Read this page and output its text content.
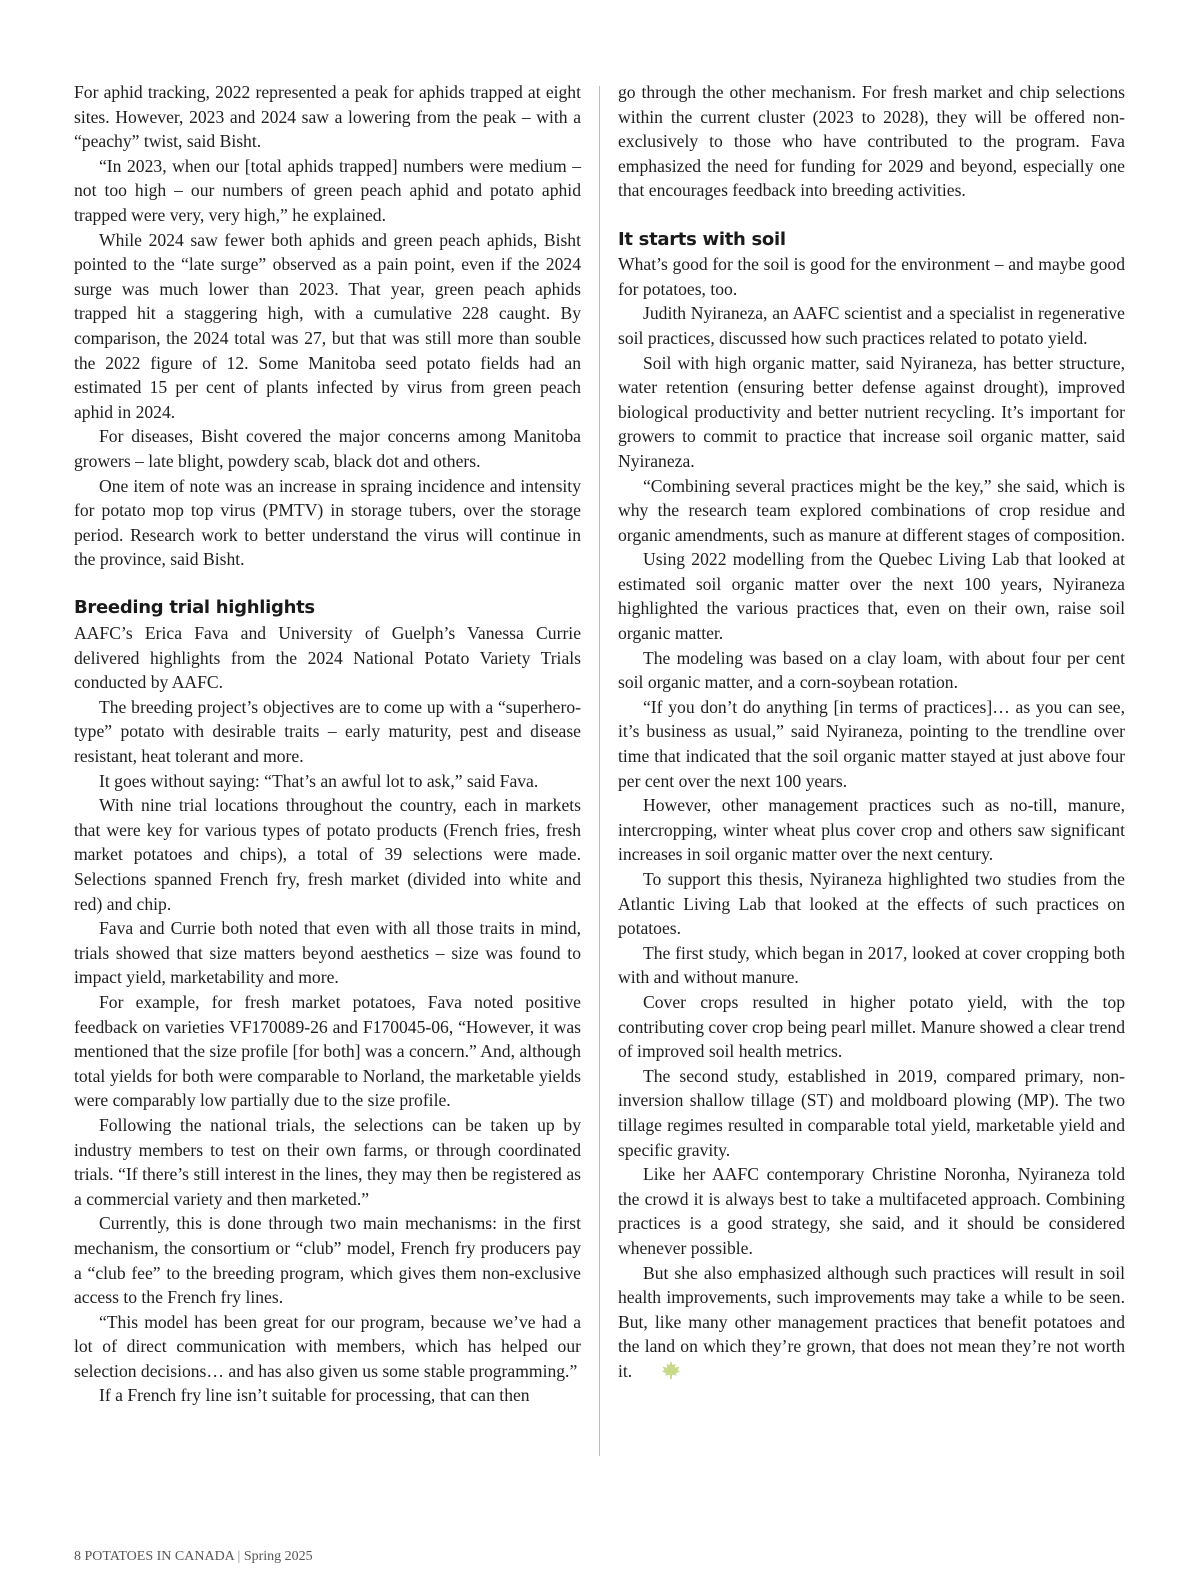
For aphid tracking, 2022 represented a peak for aphids trapped at eight sites. However, 2023 and 2024 saw a lowering from the peak – with a “peachy” twist, said Bisht.

“In 2023, when our [total aphids trapped] numbers were medium – not too high – our numbers of green peach aphid and potato aphid trapped were very, very high,” he explained.

While 2024 saw fewer both aphids and green peach aphids, Bisht pointed to the “late surge” observed as a pain point, even if the 2024 surge was much lower than 2023. That year, green peach aphids trapped hit a staggering high, with a cumulative 228 caught. By comparison, the 2024 total was 27, but that was still more than souble the 2022 figure of 12. Some Manitoba seed potato fields had an estimated 15 per cent of plants infected by virus from green peach aphid in 2024.

For diseases, Bisht covered the major concerns among Manitoba growers – late blight, powdery scab, black dot and others.

One item of note was an increase in spraing incidence and intensity for potato mop top virus (PMTV) in storage tubers, over the storage period. Research work to better understand the virus will continue in the province, said Bisht.

Breeding trial highlights

AAFC’s Erica Fava and University of Guelph’s Vanessa Currie delivered highlights from the 2024 National Potato Variety Trials conducted by AAFC.

The breeding project’s objectives are to come up with a “superhero-type” potato with desirable traits – early maturity, pest and disease resistant, heat tolerant and more.

It goes without saying: “That’s an awful lot to ask,” said Fava.

With nine trial locations throughout the country, each in markets that were key for various types of potato products (French fries, fresh market potatoes and chips), a total of 39 selections were made. Selections spanned French fry, fresh market (divided into white and red) and chip.

Fava and Currie both noted that even with all those traits in mind, trials showed that size matters beyond aesthetics – size was found to impact yield, marketability and more.

For example, for fresh market potatoes, Fava noted positive feedback on varieties VF170089-26 and F170045-06, “However, it was mentioned that the size profile [for both] was a concern.” And, although total yields for both were comparable to Norland, the marketable yields were comparably low partially due to the size profile.

Following the national trials, the selections can be taken up by industry members to test on their own farms, or through coordinated trials. “If there’s still interest in the lines, they may then be registered as a commercial variety and then marketed.”

Currently, this is done through two main mechanisms: in the first mechanism, the consortium or “club” model, French fry producers pay a “club fee” to the breeding program, which gives them non-exclusive access to the French fry lines.

“This model has been great for our program, because we’ve had a lot of direct communication with members, which has helped our selection decisions… and has also given us some stable programming.”

If a French fry line isn’t suitable for processing, that can then

go through the other mechanism. For fresh market and chip selections within the current cluster (2023 to 2028), they will be offered non-exclusively to those who have contributed to the program. Fava emphasized the need for funding for 2029 and beyond, especially one that encourages feedback into breeding activities.

It starts with soil

What’s good for the soil is good for the environment – and maybe good for potatoes, too.

Judith Nyiraneza, an AAFC scientist and a specialist in regenerative soil practices, discussed how such practices related to potato yield.

Soil with high organic matter, said Nyiraneza, has better structure, water retention (ensuring better defense against drought), improved biological productivity and better nutrient recycling. It’s important for growers to commit to practice that increase soil organic matter, said Nyiraneza.

“Combining several practices might be the key,” she said, which is why the research team explored combinations of crop residue and organic amendments, such as manure at different stages of composition.

Using 2022 modelling from the Quebec Living Lab that looked at estimated soil organic matter over the next 100 years, Nyiraneza highlighted the various practices that, even on their own, raise soil organic matter.

The modeling was based on a clay loam, with about four per cent soil organic matter, and a corn-soybean rotation.

“If you don’t do anything [in terms of practices]… as you can see, it’s business as usual,” said Nyiraneza, pointing to the trendline over time that indicated that the soil organic matter stayed at just above four per cent over the next 100 years.

However, other management practices such as no-till, manure, intercropping, winter wheat plus cover crop and others saw significant increases in soil organic matter over the next century.

To support this thesis, Nyiraneza highlighted two studies from the Atlantic Living Lab that looked at the effects of such practices on potatoes.

The first study, which began in 2017, looked at cover cropping both with and without manure.

Cover crops resulted in higher potato yield, with the top contributing cover crop being pearl millet. Manure showed a clear trend of improved soil health metrics.

The second study, established in 2019, compared primary, non-inversion shallow tillage (ST) and moldboard plowing (MP). The two tillage regimes resulted in comparable total yield, marketable yield and specific gravity.

Like her AAFC contemporary Christine Noronha, Nyiraneza told the crowd it is always best to take a multifaceted approach. Combining practices is a good strategy, she said, and it should be considered whenever possible.

But she also emphasized although such practices will result in soil health improvements, such improvements may take a while to be seen. But, like many other management practices that benefit potatoes and the land on which they’re grown, that does not mean they’re not worth it.

8 POTATOES IN CANADA | Spring 2025
